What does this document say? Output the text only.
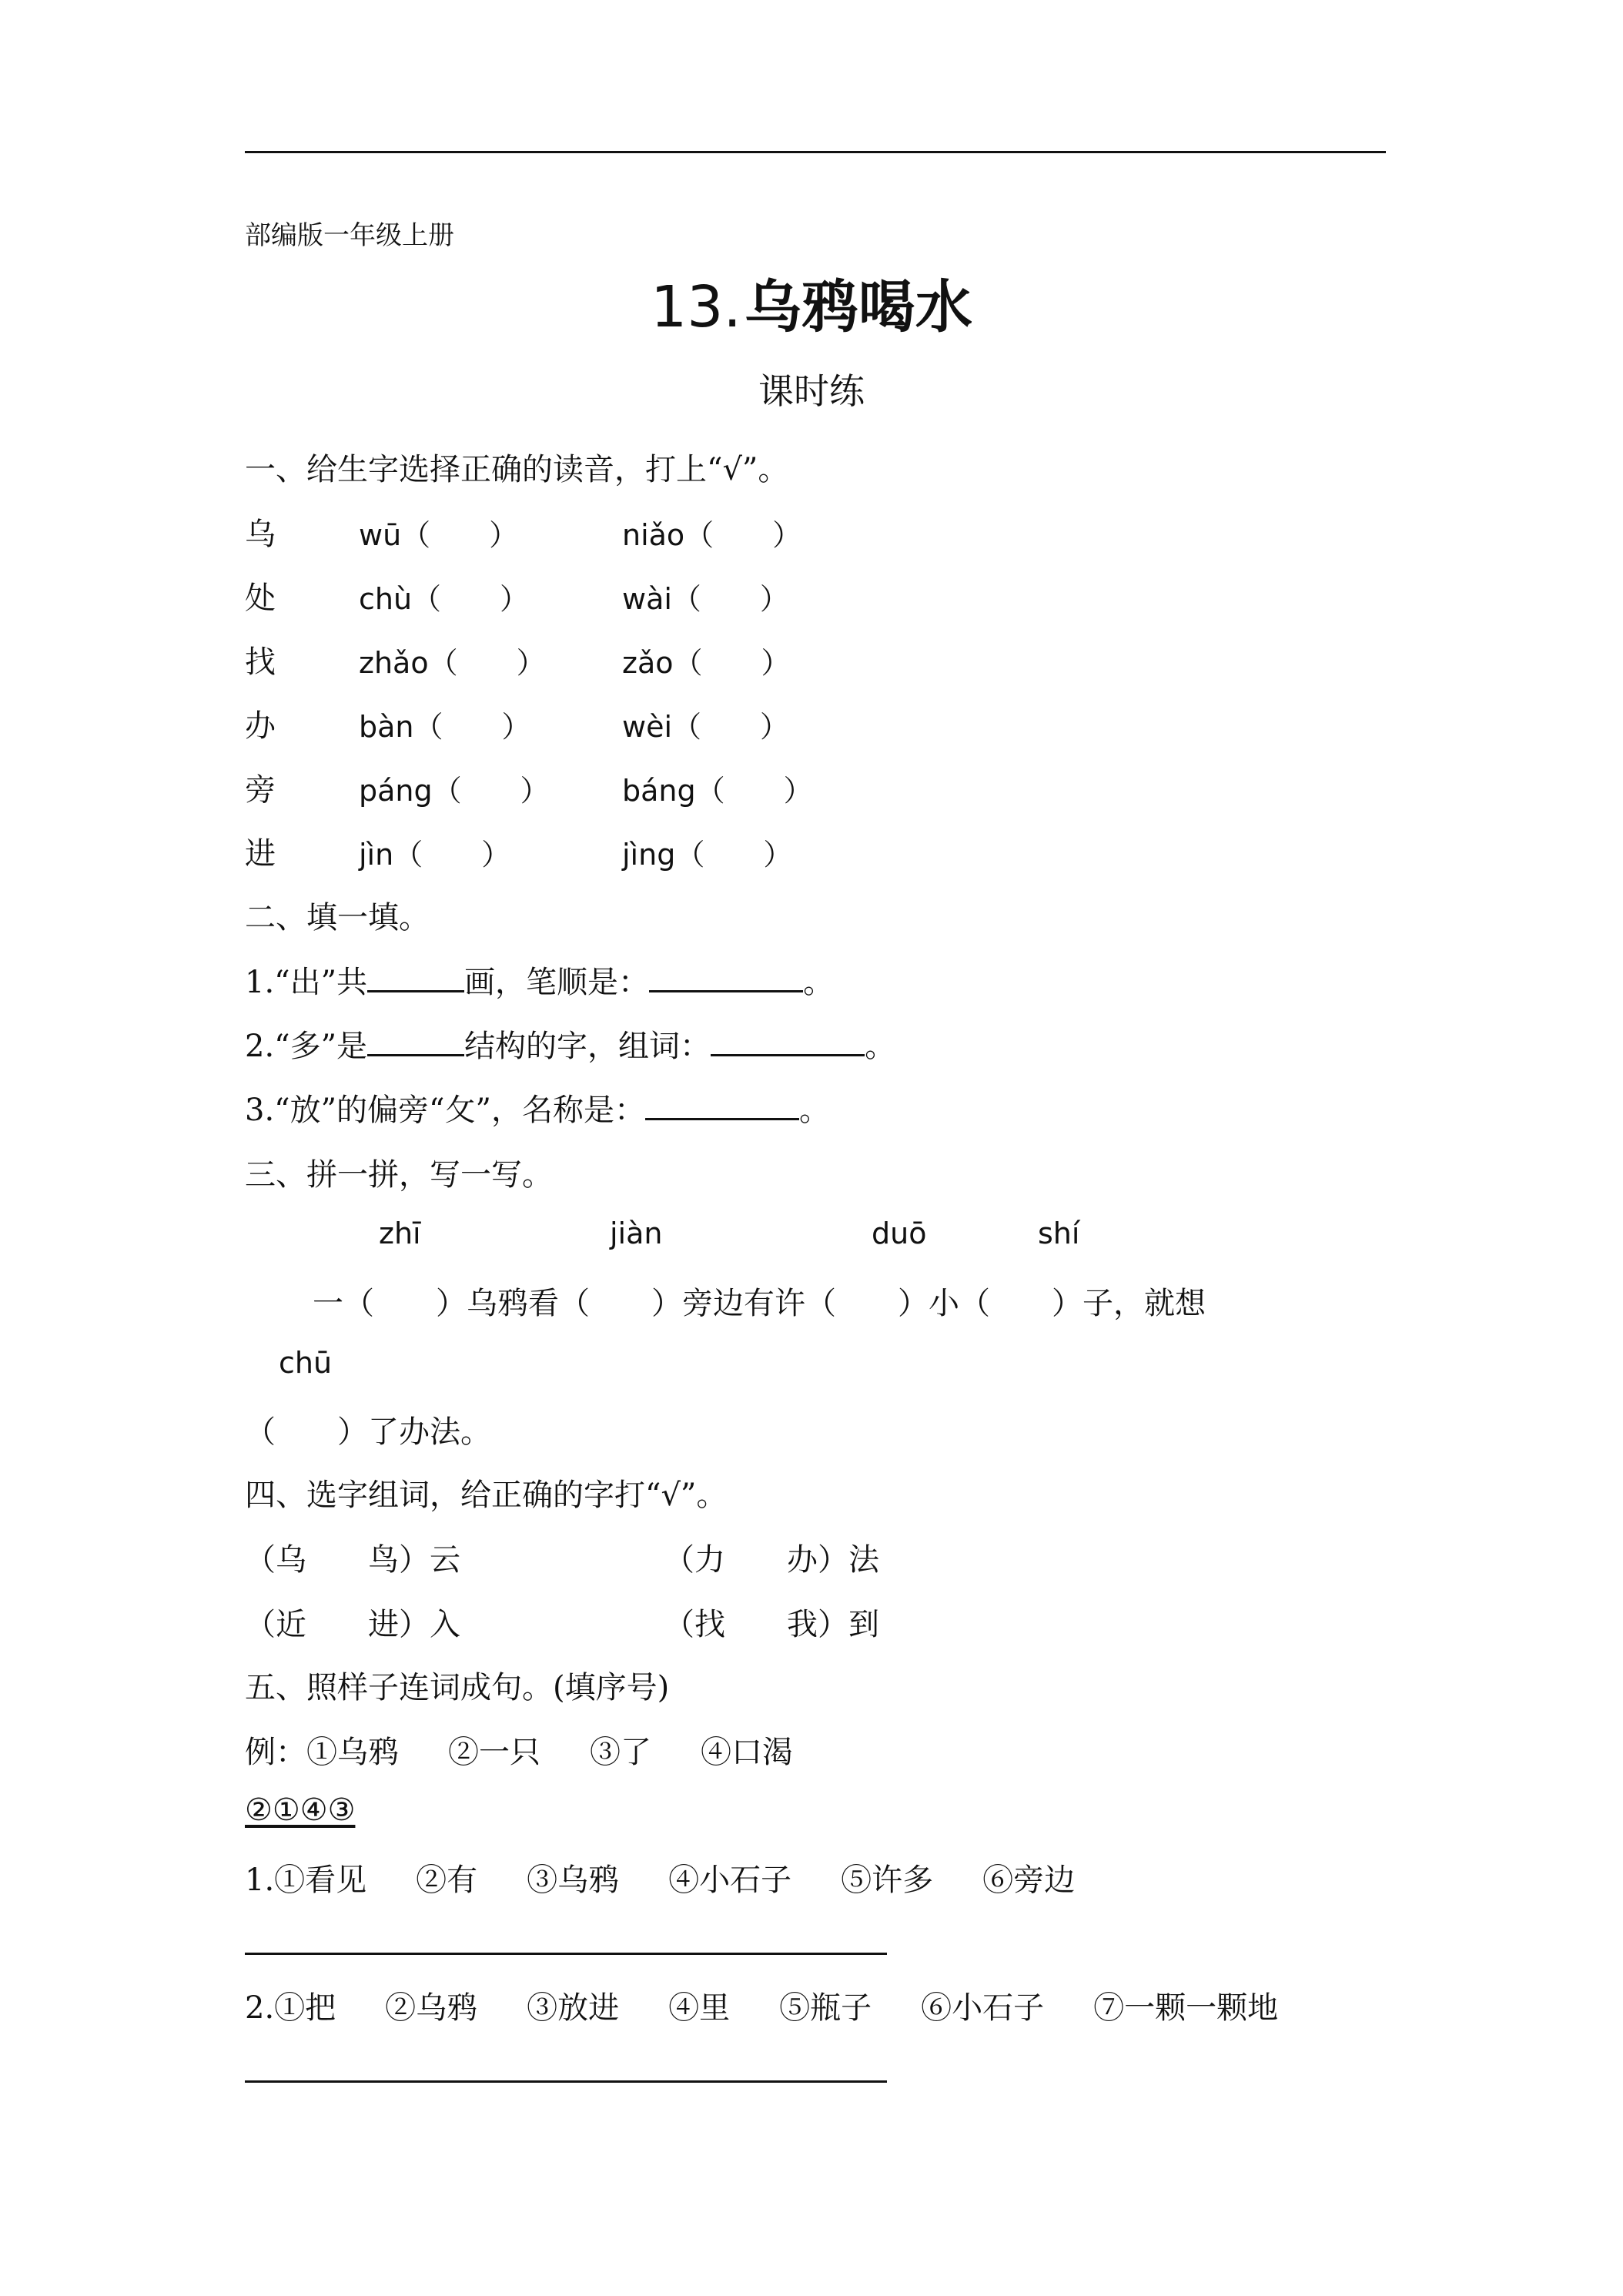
部编版一年级上册
13. 乌鸦喝水
课时练
一、给生字选择正确的读音，打上“√”。
乌	wū（　　）	niǎo（　　）
处	chù（　　）	wài（　　）
找	zhǎo（　　）	zǎo（　　）
办	bàn（　　）	wèi（　　）
旁	páng（　　） báng（　　）
进	jìn（　　）	jìng（　　）
二、填一填。
1.“出”共	画，笔顺是：	。
2.“多”是	结构的字，组词：	。
3.“放”的偏旁“攵”，名称是：	。
三、拼一拼，写一写。
zhī	jiàn	duō	shí
一（　　）乌鸦看（　　）旁边有许（　　）小（　　）子，就想
chū
（　　）了办法。
四、选字组词，给正确的字打“√”。
（乌　　鸟）云	（力　　办）法
（近　　进）入	（找　　我）到
五、照样子连词成句。(填序号)
例：①乌鸦 ②一只 ③了 ④口渴
②①④③
1.①看见 ②有 ③乌鸦 ④小石子 ⑤许多 ⑥旁边
2.①把 ②乌鸦 ③放进 ④里 ⑤瓶子 ⑥小石子 ⑦一颗一颗地
